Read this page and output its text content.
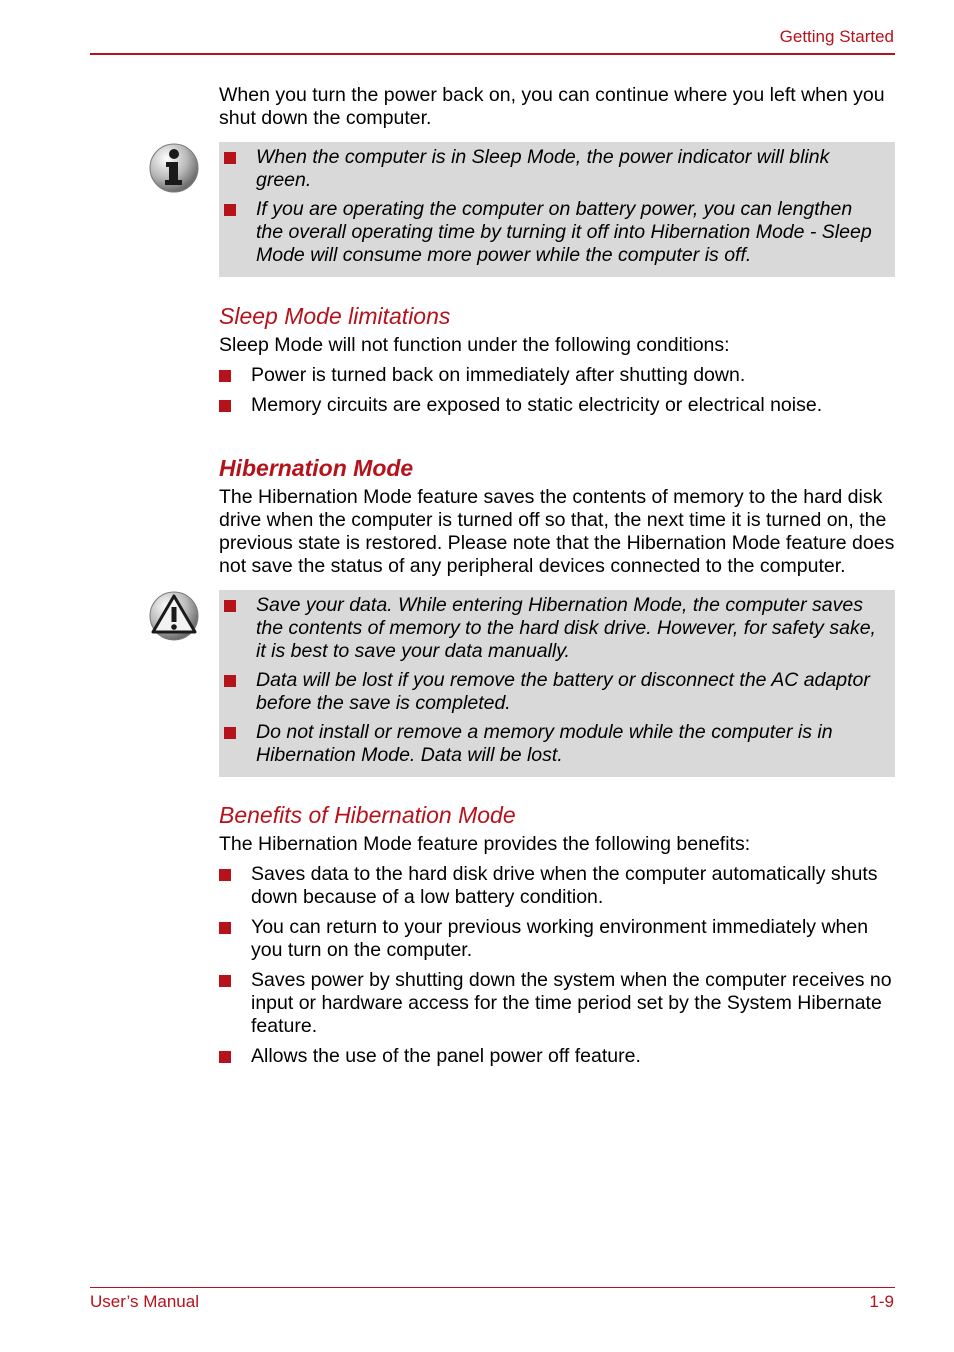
Getting Started

When you turn the power back on, you can continue where you left when you shut down the computer.

When the computer is in Sleep Mode, the power indicator will blink green.
If you are operating the computer on battery power, you can lengthen the overall operating time by turning it off into Hibernation Mode - Sleep Mode will consume more power while the computer is off.
Sleep Mode limitations

Sleep Mode will not function under the following conditions:

Power is turned back on immediately after shutting down.
Memory circuits are exposed to static electricity or electrical noise.
Hibernation Mode

The Hibernation Mode feature saves the contents of memory to the hard disk drive when the computer is turned off so that, the next time it is turned on, the previous state is restored. Please note that the Hibernation Mode feature does not save the status of any peripheral devices connected to the computer.

Save your data. While entering Hibernation Mode, the computer saves the contents of memory to the hard disk drive. However, for safety sake, it is best to save your data manually.
Data will be lost if you remove the battery or disconnect the AC adaptor before the save is completed.
Do not install or remove a memory module while the computer is in Hibernation Mode. Data will be lost.
Benefits of Hibernation Mode

The Hibernation Mode feature provides the following benefits:

Saves data to the hard disk drive when the computer automatically shuts down because of a low battery condition.
You can return to your previous working environment immediately when you turn on the computer.
Saves power by shutting down the system when the computer receives no input or hardware access for the time period set by the System Hibernate feature.
Allows the use of the panel power off feature.
User’s Manual	1-9
